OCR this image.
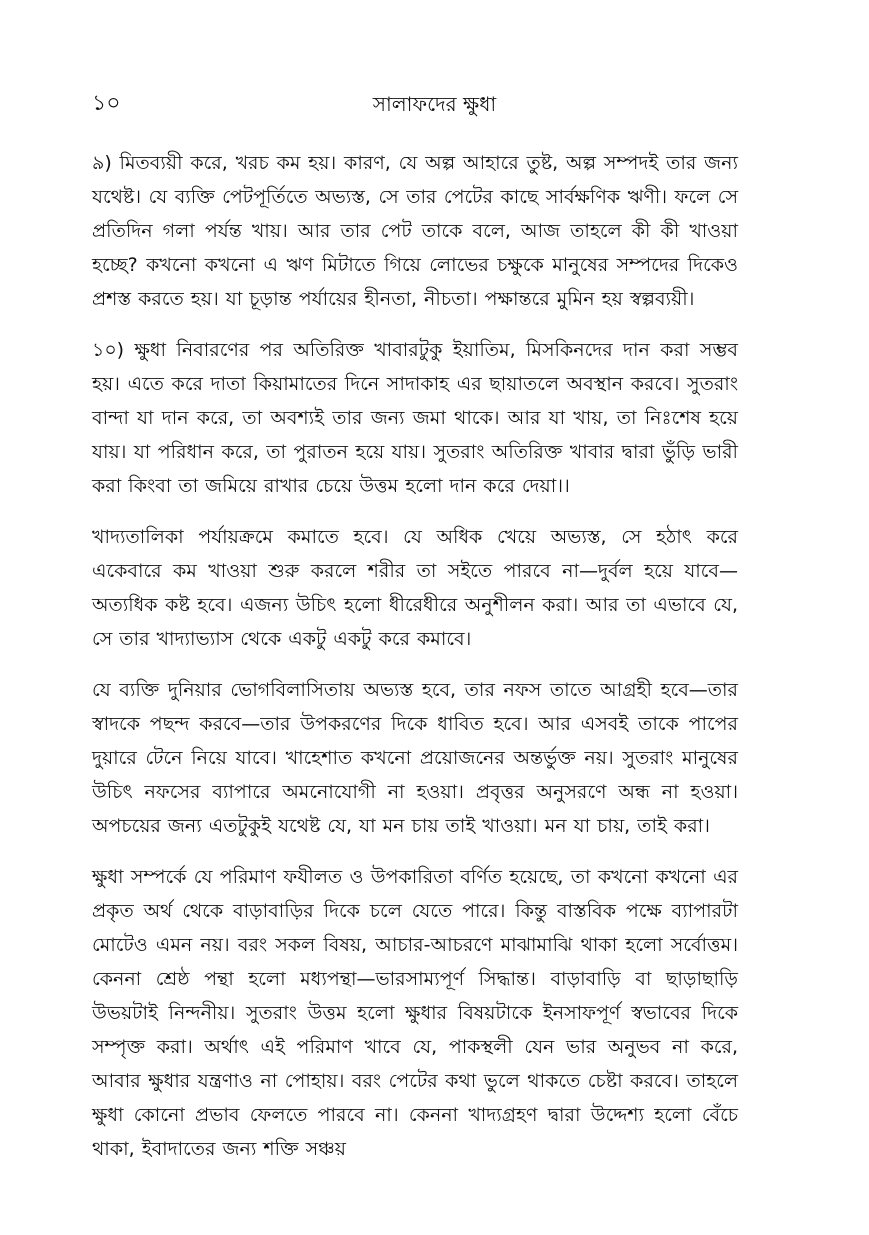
১০	সালাফদের ক্ষুধা

৯) মিতব্যয়ী করে, খরচ কম হয়। কারণ, যে অল্প আহারে তুষ্ট, অল্প সম্পদই তার জন্য যথেষ্ট। যে ব্যক্তি পেটপূর্তিতে অভ্যস্ত, সে তার পেটের কাছে সার্বক্ষণিক ঋণী। ফলে সে প্রতিদিন গলা পর্যন্ত খায়। আর তার পেট তাকে বলে, আজ তাহলে কী কী খাওয়া হচ্ছে? কখনো কখনো এ ঋণ মিটাতে গিয়ে লোভের চক্ষুকে মানুষের সম্পদের দিকেও প্রশস্ত করতে হয়। যা চূড়ান্ত পর্যায়ের হীনতা, নীচতা। পক্ষান্তরে মুমিন হয় স্বল্পব্যয়ী।

১০) ক্ষুধা নিবারণের পর অতিরিক্ত খাবারটুকু ইয়াতিম, মিসকিনদের দান করা সম্ভব হয়। এতে করে দাতা কিয়ামাতের দিনে সাদাকাহ এর ছায়াতলে অবস্থান করবে। সুতরাং বান্দা যা দান করে, তা অবশ্যই তার জন্য জমা থাকে। আর যা খায়, তা নিঃশেষ হয়ে যায়। যা পরিধান করে, তা পুরাতন হয়ে যায়। সুতরাং অতিরিক্ত খাবার দ্বারা ভুঁড়ি ভারী করা কিংবা তা জমিয়ে রাখার চেয়ে উত্তম হলো দান করে দেয়া।।

খাদ্যতালিকা পর্যায়ক্রমে কমাতে হবে। যে অধিক খেয়ে অভ্যস্ত, সে হঠাৎ করে একেবারে কম খাওয়া শুরু করলে শরীর তা সইতে পারবে না—দুর্বল হয়ে যাবে—অত্যধিক কষ্ট হবে। এজন্য উচিৎ হলো ধীরেধীরে অনুশীলন করা। আর তা এভাবে যে, সে তার খাদ্যাভ্যাস থেকে একটু একটু করে কমাবে।

যে ব্যক্তি দুনিয়ার ভোগবিলাসিতায় অভ্যস্ত হবে, তার নফস তাতে আগ্রহী হবে—তার স্বাদকে পছন্দ করবে—তার উপকরণের দিকে ধাবিত হবে। আর এসবই তাকে পাপের দুয়ারে টেনে নিয়ে যাবে। খাহেশাত কখনো প্রয়োজনের অন্তর্ভুক্ত নয়। সুতরাং মানুষের উচিৎ নফসের ব্যাপারে অমনোযোগী না হওয়া। প্রবৃত্তর অনুসরণে অন্ধ না হওয়া। অপচয়ের জন্য এতটুকুই যথেষ্ট যে, যা মন চায় তাই খাওয়া। মন যা চায়, তাই করা।

ক্ষুধা সম্পর্কে যে পরিমাণ ফযীলত ও উপকারিতা বর্ণিত হয়েছে, তা কখনো কখনো এর প্রকৃত অর্থ থেকে বাড়াবাড়ির দিকে চলে যেতে পারে। কিন্তু বাস্তবিক পক্ষে ব্যাপারটা মোটেও এমন নয়। বরং সকল বিষয়, আচার-আচরণে মাঝামাঝি থাকা হলো সর্বোত্তম। কেননা শ্রেষ্ঠ পন্থা হলো মধ্যপন্থা—ভারসাম্যপূর্ণ সিদ্ধান্ত। বাড়াবাড়ি বা ছাড়াছাড়ি উভয়টাই নিন্দনীয়। সুতরাং উত্তম হলো ক্ষুধার বিষয়টাকে ইনসাফপূর্ণ স্বভাবের দিকে সম্পৃক্ত করা। অর্থাৎ এই পরিমাণ খাবে যে, পাকস্থলী যেন ভার অনুভব না করে, আবার ক্ষুধার যন্ত্রণাও না পোহায়। বরং পেটের কথা ভুলে থাকতে চেষ্টা করবে। তাহলে ক্ষুধা কোনো প্রভাব ফেলতে পারবে না। কেননা খাদ্যগ্রহণ দ্বারা উদ্দেশ্য হলো বেঁচে থাকা, ইবাদাতের জন্য শক্তি সঞ্চয়
